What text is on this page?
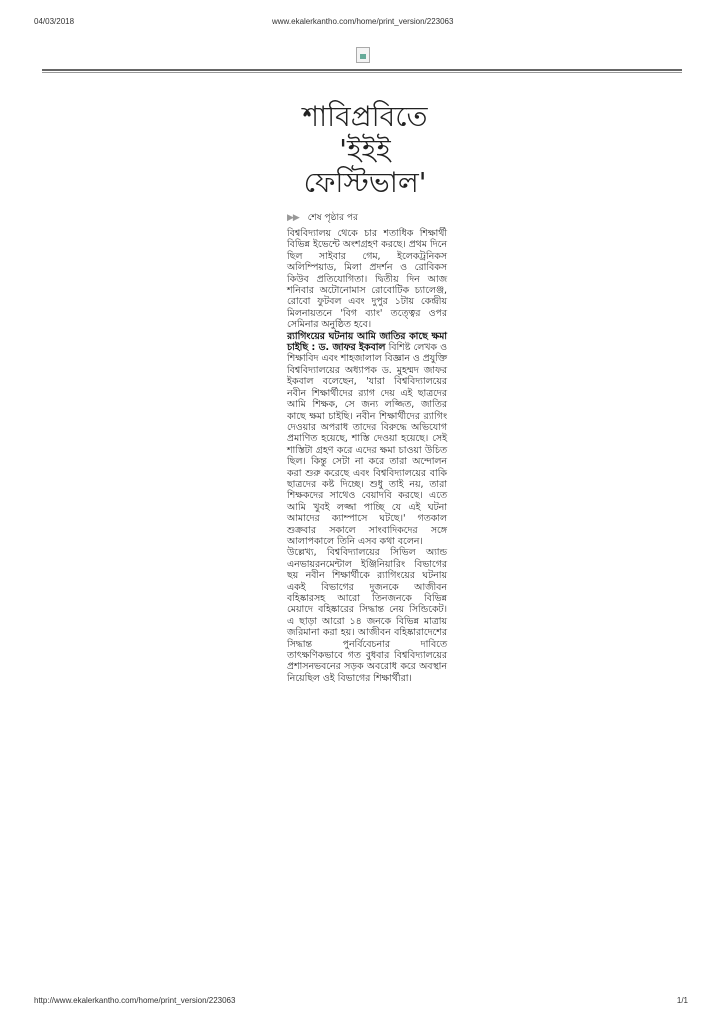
04/03/2018	www.ekalerkantho.com/home/print_version/223063
শাবিপ্রবিতে
'ইইই
ফেস্টিভাল'
▶▶ শেষ পৃষ্ঠার পর

বিশ্ববিদ্যালয় থেকে চার শতাধিক শিক্ষার্থী বিভিন্ন ইভেন্টে অংশগ্রহণ করছে। প্রথম দিনে ছিল সাইবার গেম, ইলেকট্রনিকস অলিম্পিয়াড, মিলা প্রদর্শন ও রোবিকস কিউব প্রতিযোগিতা। দ্বিতীয় দিন আজ শনিবার অটোনোমাস রোবোটিক চ্যালেঞ্জ, রোবো ফুটবল এবং দুপুর ১টায় কেন্দ্রীয় মিলনায়তনে 'বিগ ব্যাং' তত্ত্বের ওপর সেমিনার অনুষ্ঠিত হবে।

র‍্যাগিংয়ের ঘটনায় আমি জাতির কাছে ক্ষমা চাইছি : ড. জাফর ইকবাল বিশিষ্ট লেখক ও শিক্ষাবিদ এবং শাহজালাল বিজ্ঞান ও প্রযুক্তি বিশ্ববিদ্যালয়ের অধ্যাপক ড. মুহম্মদ জাফর ইকবাল বলেছেন, 'যারা বিশ্ববিদ্যালয়ের নবীন শিক্ষার্থীদের র‍্যাগ দেয় এই ছাত্রদের আমি শিক্ষক, সে জন্য লজ্জিত, জাতির কাছে ক্ষমা চাইছি। নবীন শিক্ষার্থীদের র‍্যাগিং দেওয়ার অপরাধ তাদের বিরুদ্ধে অভিযোগ প্রমাণিত হয়েছে, শাস্তি দেওয়া হয়েছে। সেই শাস্তিটা গ্রহণ করে এদের ক্ষমা চাওয়া উচিত ছিল। কিন্তু সেটা না করে তারা অন্দোলন করা শুরু করেছে এবং বিশ্ববিদ্যালয়ের বাকি ছাত্রদের কষ্ট দিচ্ছে। শুধু তাই নয়, তারা শিক্ষকদের সাথেও বেয়াদবি করছে। এতে আমি খুবই লজ্জা পাচ্ছি যে এই ঘটনা আমাদের ক্যাম্পাসে ঘটছে।' গতকাল শুক্রবার সকালে সাংবাদিকদের সঙ্গে আলাপকালে তিনি এসব কথা বলেন।

উল্লেখ্য, বিশ্ববিদ্যালয়ের সিভিল অ্যান্ড এনভায়রনমেন্টাল ইঞ্জিনিয়ারিং বিভাগের ছয় নবীন শিক্ষার্থীকে র‍্যাগিংয়ের ঘটনায় একই বিভাগের দুজনকে আজীবন বহিষ্কারসহ আরো তিনজনকে বিভিন্ন মেয়াদে বহিষ্কারের সিদ্ধান্ত নেয় সিন্ডিকেট। এ ছাড়া আরো ১৪ জনকে বিভিন্ন মাত্রায় জরিমানা করা হয়। আজীবন বহিষ্কারাদেশের সিদ্ধান্ত পুনর্বিবেচনার দাবিতে তাৎক্ষণিকভাবে গত বুধবার বিশ্ববিদ্যালয়ের প্রশাসনভবনের সড়ক অবরোধ করে অবস্থান নিয়েছিল ওই বিভাগের শিক্ষার্থীরা।

http://www.ekalerkantho.com/home/print_version/223063	1/1
